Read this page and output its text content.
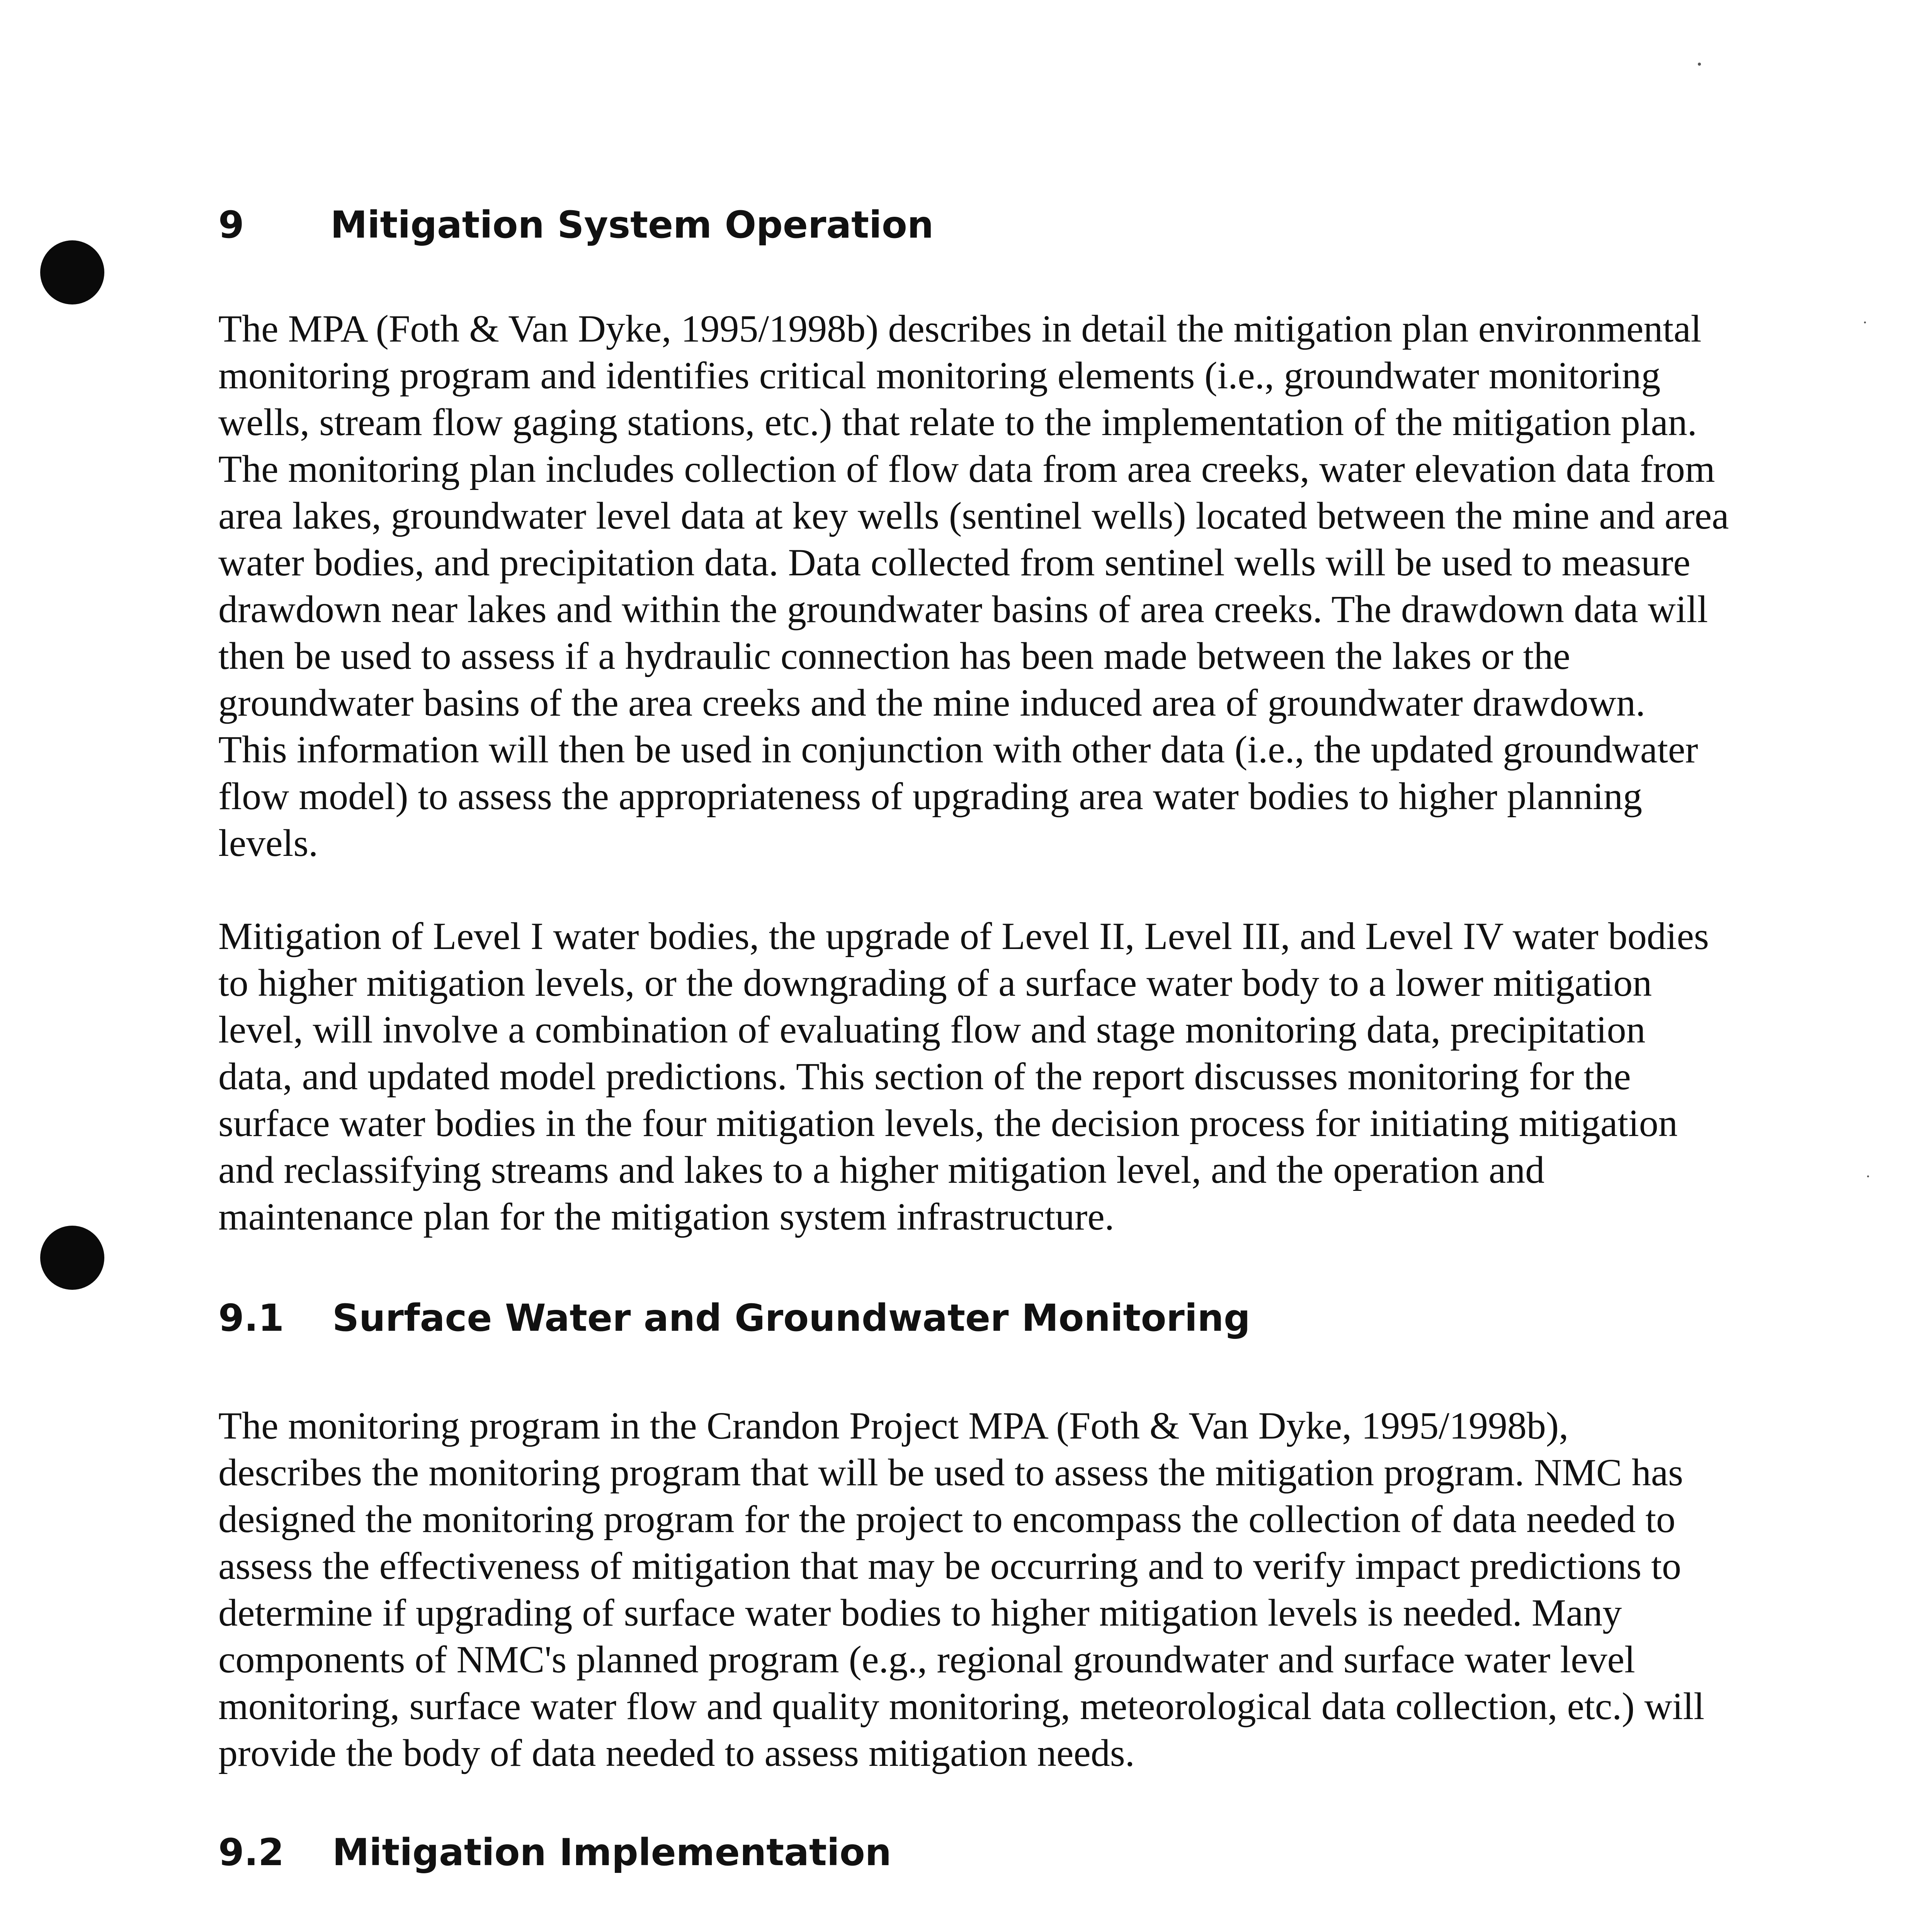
9	Mitigation System Operation

The MPA (Foth & Van Dyke, 1995/1998b) describes in detail the mitigation plan environmental
monitoring program and identifies critical monitoring elements (i.e., groundwater monitoring
wells, stream flow gaging stations, etc.) that relate to the implementation of the mitigation plan.
The monitoring plan includes collection of flow data from area creeks, water elevation data from
area lakes, groundwater level data at key wells (sentinel wells) located between the mine and area
water bodies, and precipitation data. Data collected from sentinel wells will be used to measure
drawdown near lakes and within the groundwater basins of area creeks. The drawdown data will
then be used to assess if a hydraulic connection has been made between the lakes or the
groundwater basins of the area creeks and the mine induced area of groundwater drawdown.
This information will then be used in conjunction with other data (i.e., the updated groundwater
flow model) to assess the appropriateness of upgrading area water bodies to higher planning
levels.

Mitigation of Level I water bodies, the upgrade of Level II, Level III, and Level IV water bodies
to higher mitigation levels, or the downgrading of a surface water body to a lower mitigation
level, will involve a combination of evaluating flow and stage monitoring data, precipitation
data, and updated model predictions. This section of the report discusses monitoring for the
surface water bodies in the four mitigation levels, the decision process for initiating mitigation
and reclassifying streams and lakes to a higher mitigation level, and the operation and
maintenance plan for the mitigation system infrastructure.

9.1	Surface Water and Groundwater Monitoring

The monitoring program in the Crandon Project MPA (Foth & Van Dyke, 1995/1998b),
describes the monitoring program that will be used to assess the mitigation program. NMC has
designed the monitoring program for the project to encompass the collection of data needed to
assess the effectiveness of mitigation that may be occurring and to verify impact predictions to
determine if upgrading of surface water bodies to higher mitigation levels is needed. Many
components of NMC's planned program (e.g., regional groundwater and surface water level
monitoring, surface water flow and quality monitoring, meteorological data collection, etc.) will
provide the body of data needed to assess mitigation needs.

9.2	Mitigation Implementation
